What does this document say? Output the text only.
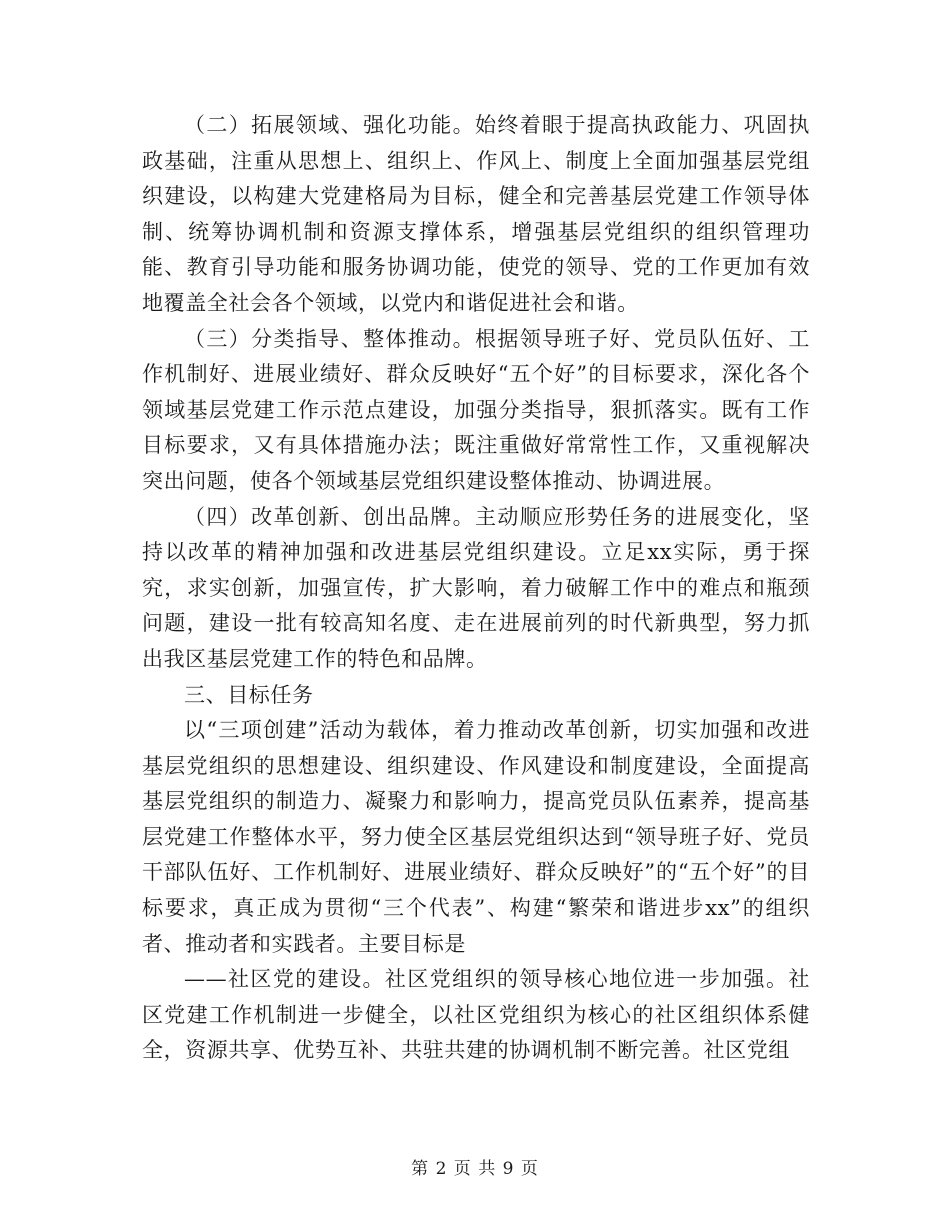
（二）拓展领域、强化功能。始终着眼于提高执政能力、巩固执政基础，注重从思想上、组织上、作风上、制度上全面加强基层党组织建设，以构建大党建格局为目标，健全和完善基层党建工作领导体制、统筹协调机制和资源支撑体系，增强基层党组织的组织管理功能、教育引导功能和服务协调功能，使党的领导、党的工作更加有效地覆盖全社会各个领域，以党内和谐促进社会和谐。

（三）分类指导、整体推动。根据领导班子好、党员队伍好、工作机制好、进展业绩好、群众反映好“五个好”的目标要求，深化各个领域基层党建工作示范点建设，加强分类指导，狠抓落实。既有工作目标要求，又有具体措施办法；既注重做好常常性工作，又重视解决突出问题，使各个领域基层党组织建设整体推动、协调进展。

（四）改革创新、创出品牌。主动顺应形势任务的进展变化，坚持以改革的精神加强和改进基层党组织建设。立足xx实际，勇于探究，求实创新，加强宣传，扩大影响，着力破解工作中的难点和瓶颈问题，建设一批有较高知名度、走在进展前列的时代新典型，努力抓出我区基层党建工作的特色和品牌。

三、目标任务

以“三项创建”活动为载体，着力推动改革创新，切实加强和改进基层党组织的思想建设、组织建设、作风建设和制度建设，全面提高基层党组织的制造力、凝聚力和影响力，提高党员队伍素养，提高基层党建工作整体水平，努力使全区基层党组织达到“领导班子好、党员干部队伍好、工作机制好、进展业绩好、群众反映好”的“五个好”的目标要求，真正成为贯彻“三个代表”、构建“繁荣和谐进步xx”的组织者、推动者和实践者。主要目标是

——社区党的建设。社区党组织的领导核心地位进一步加强。社区党建工作机制进一步健全，以社区党组织为核心的社区组织体系健全，资源共享、优势互补、共驻共建的协调机制不断完善。社区党组

第 2 页 共 9 页
